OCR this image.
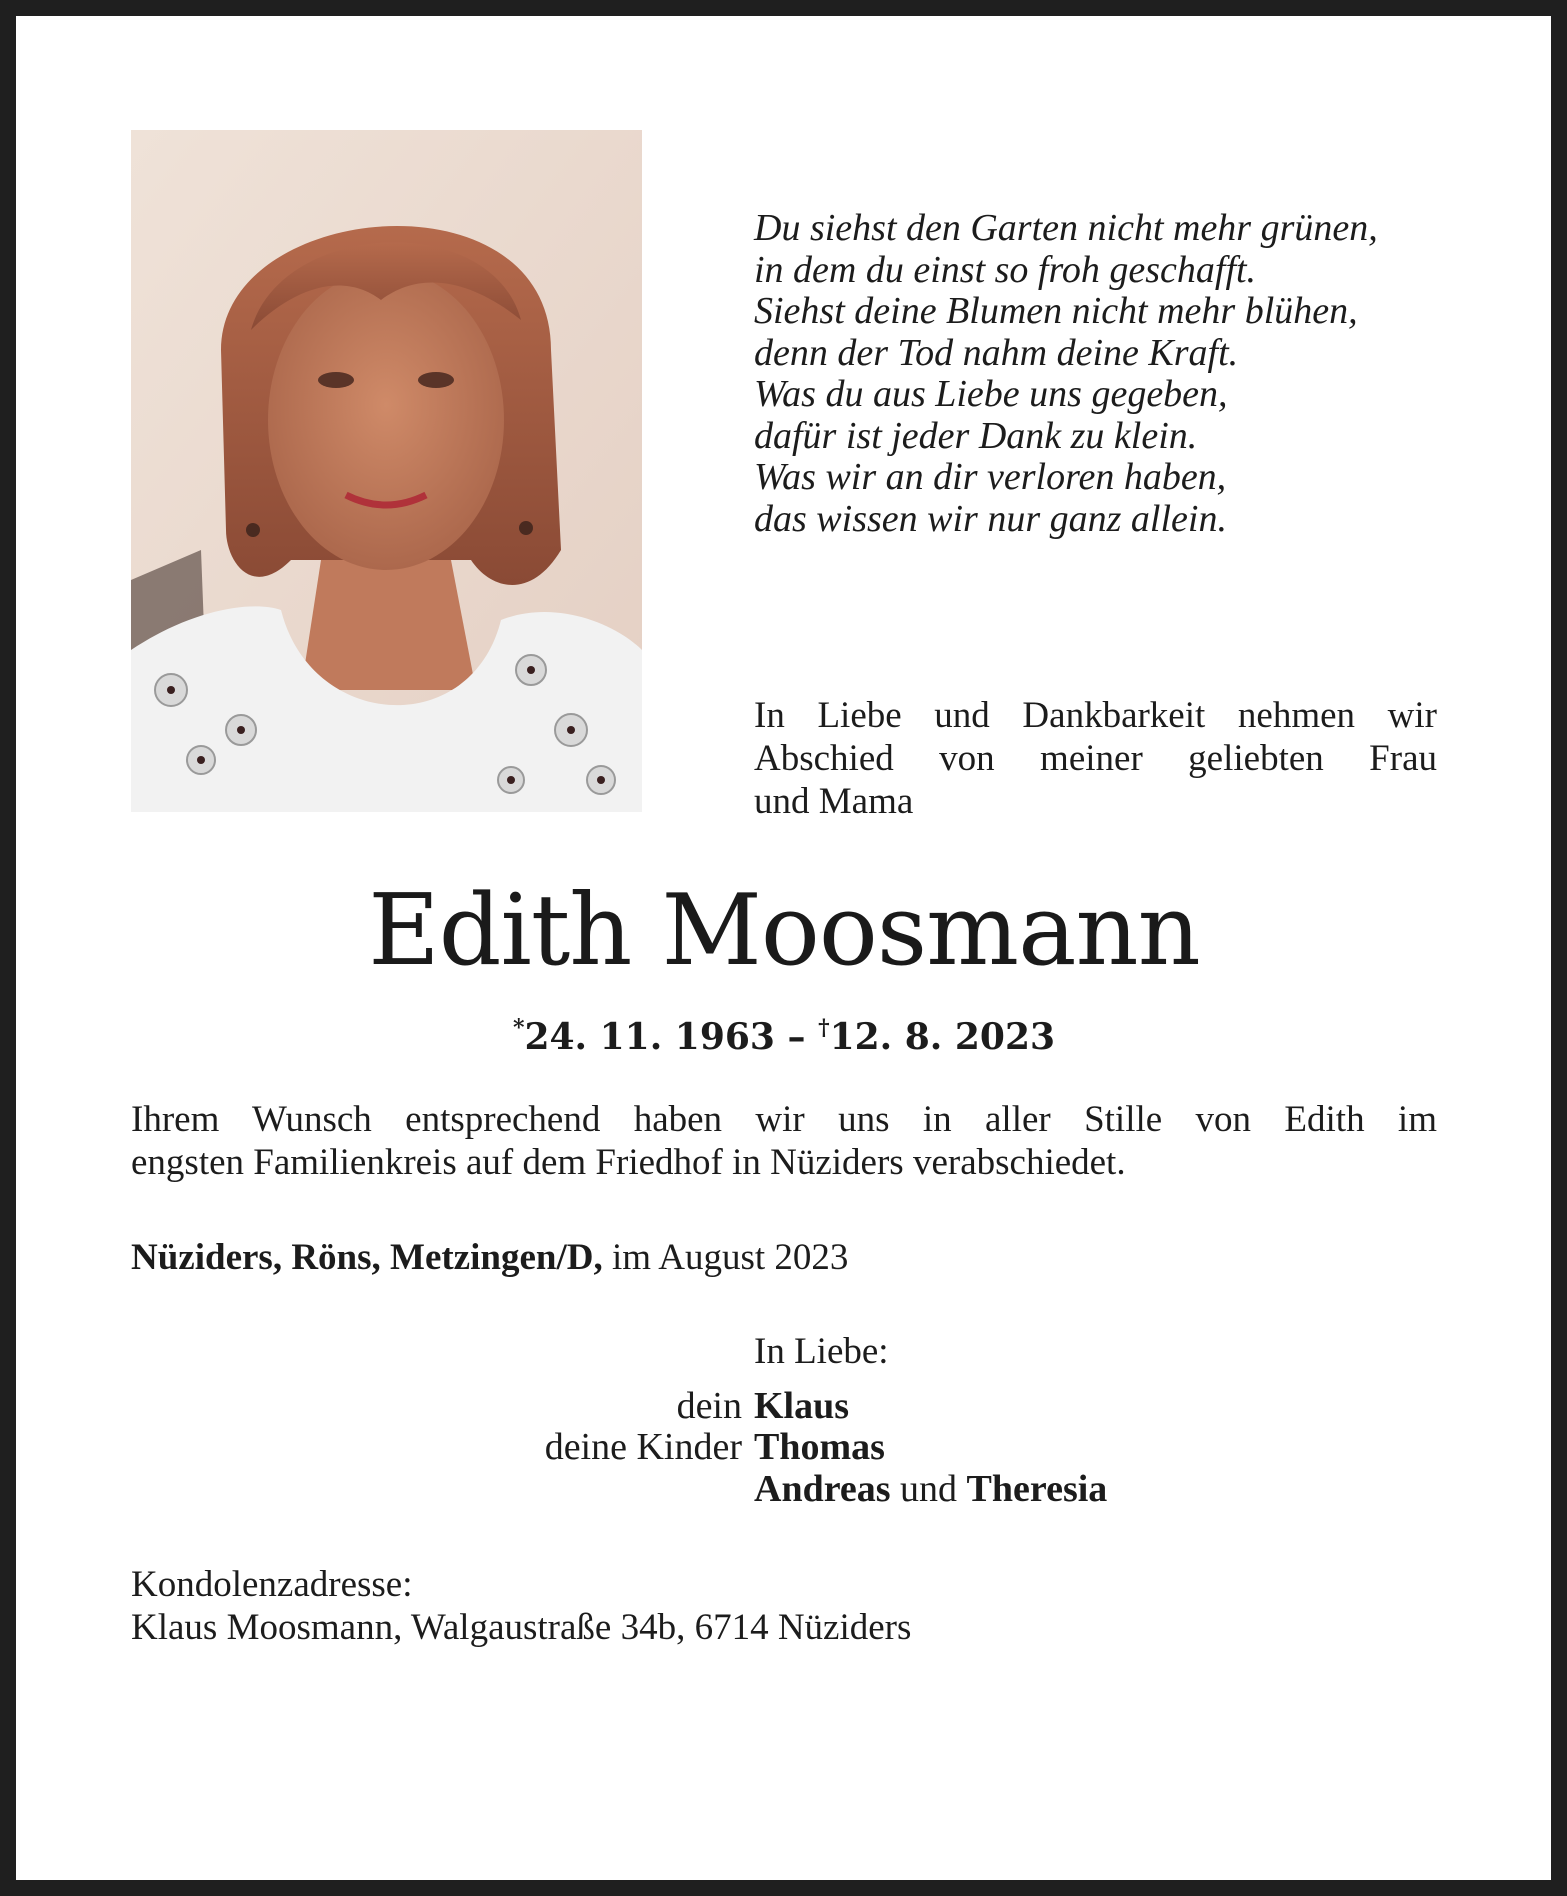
Du siehst den Garten nicht mehr grünen,
in dem du einst so froh geschafft.
Siehst deine Blumen nicht mehr blühen,
denn der Tod nahm deine Kraft.
Was du aus Liebe uns gegeben,
dafür ist jeder Dank zu klein.
Was wir an dir verloren haben,
das wissen wir nur ganz allein.
In Liebe und Dankbarkeit nehmen wir
Abschied von meiner geliebten Frau
und Mama
Edith Moosmann
*24. 11. 1963 – †12. 8. 2023
Ihrem Wunsch entsprechend haben wir uns in aller Stille von Edith im
engsten Familienkreis auf dem Friedhof in Nüziders verabschiedet.
Nüziders, Röns, Metzingen/D, im August 2023
In Liebe:
dein Klaus
deine Kinder Thomas
Andreas und Theresia
Kondolenzadresse:
Klaus Moosmann, Walgaustraße 34b, 6714 Nüziders
